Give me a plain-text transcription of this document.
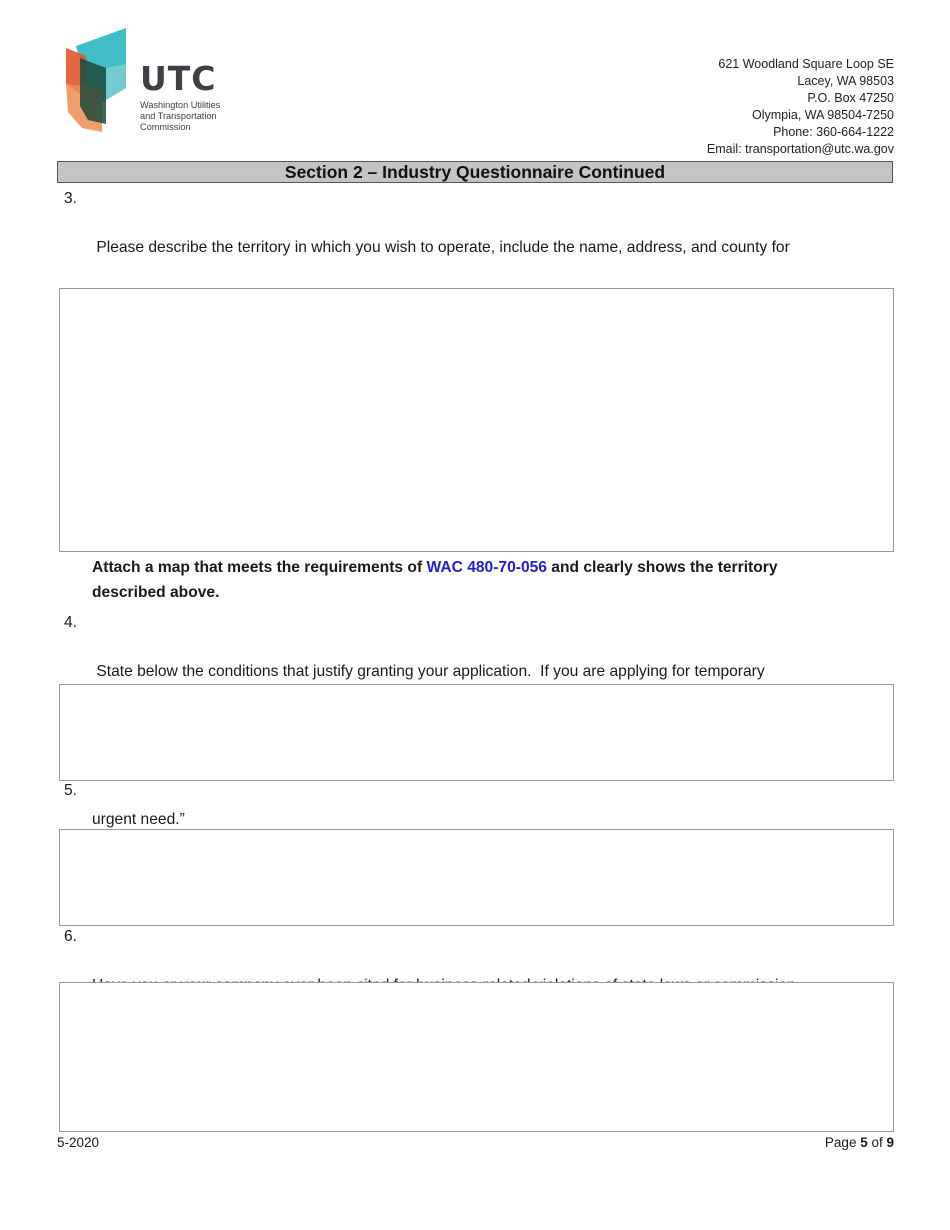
UTC
Washington Utilities
and Transportation
Commission
621 Woodland Square Loop SE
Lacey, WA 98503
P.O. Box 47250
Olympia, WA 98504-7250
Phone: 360-664-1222
Email: transportation@utc.wa.gov
Section 2 – Industry Questionnaire Continued
3.

Please describe the territory in which you wish to operate, include the name, address, and county for

Attach a map that meets the requirements of WAC 480-70-056 and clearly shows the territory
described above.
4.

State below the conditions that justify granting your application.  If you are applying for temporary

urgent need.”

5.

6.

5-2020	Page 5 of 9
